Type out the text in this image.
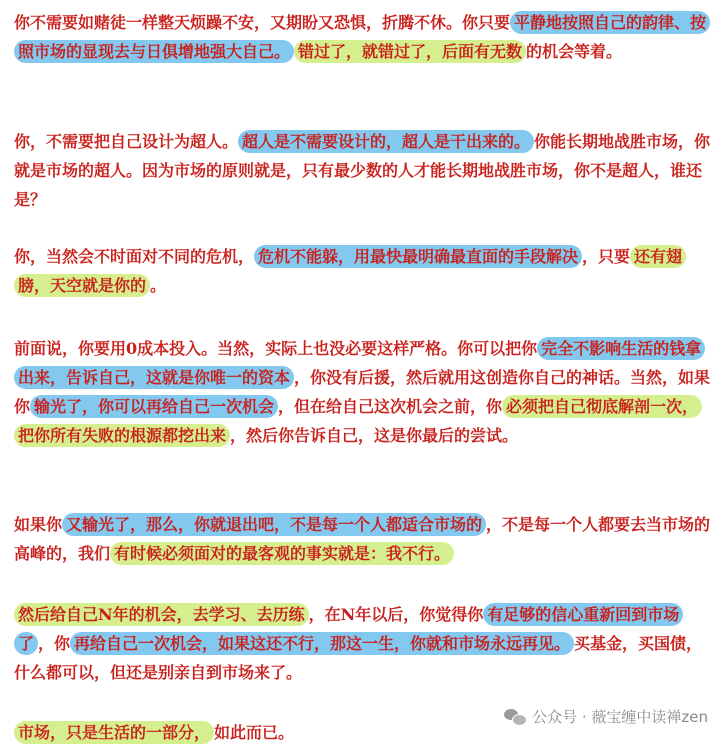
你不需要如赌徒一样整天烦躁不安，又期盼又恐惧，折腾不休。你只要 平静地按照自己的韵律、按照市场的显现去与日俱增地强大自己。 错过了，就错过了，后面有无数 的机会等着。

你，不需要把自己设计为超人。 超人是不需要设计的，超人是干出来的。 你能长期地战胜市场，你就是市场的超人。因为市场的原则就是，只有最少数的人才能长期地战胜市场，你不是超人，谁还是？

你，当然会不时面对不同的危机， 危机不能躲，用最快最明确最直面的手段解决 ，只要 还有翅膀，天空就是你的 。

前面说，你要用0成本投入。当然，实际上也没必要这样严格。你可以把你 完全不影响生活的钱拿出来，告诉自己，这就是你唯一的资本 ，你没有后援，然后就用这创造你自己的神话。当然，如果你 输光了，你可以再给自己一次机会 ，但在给自己这次机会之前，你 必须把自己彻底解剖一次，把你所有失败的根源都挖出来 ，然后你告诉自己，这是你最后的尝试。

如果你 又输光了，那么，你就退出吧，不是每一个人都适合市场的 ，不是每一个人都要去当市场的高峰的，我们 有时候必须面对的最客观的事实就是：我不行。

然后给自己N年的机会，去学习、去历练 ，在N年以后，你觉得你 有足够的信心重新回到市场了 ，你 再给自己一次机会，如果这还不行，那这一生，你就和市场永远再见。 买基金，买国债，什么都可以，但还是别亲自到市场来了。

市场，只是生活的一部分， 如此而已。

公众号 · 薇宝缠中读禅zen
